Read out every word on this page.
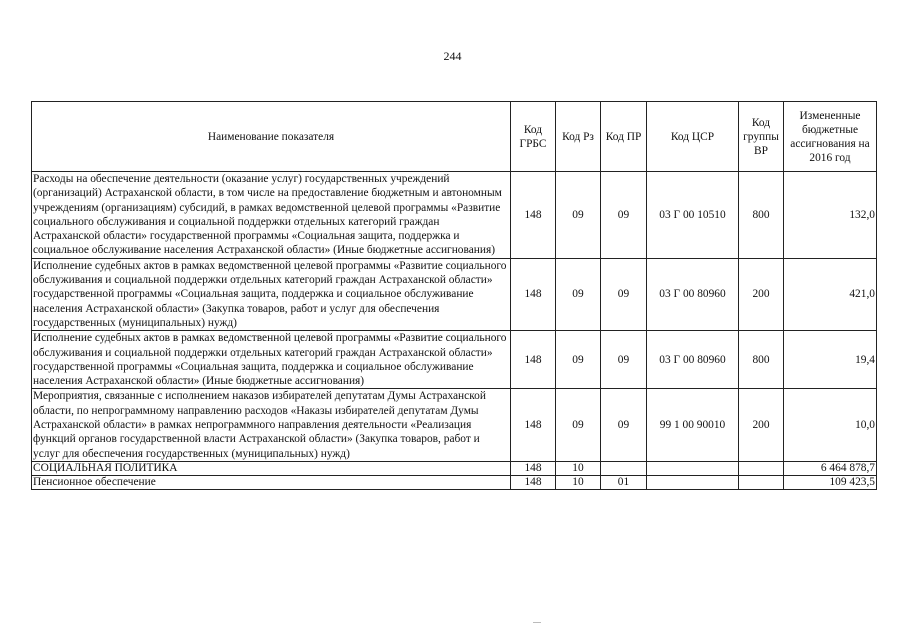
244
Наименование показателя	Код ГРБС	Код Рз	Код ПР	Код ЦСР	Код группы ВР	Измененные бюджетные ассигнования на 2016 год
Расходы на обеспечение деятельности (оказание услуг) государственных учреждений (организаций) Астраханской области, в том числе на предоставление бюджетным и автономным учреждениям (организациям) субсидий, в рамках ведомственной целевой программы «Развитие социального обслуживания и социальной поддержки отдельных категорий граждан Астраханской области» государственной программы «Социальная защита, поддержка и социальное обслуживание населения Астраханской области» (Иные бюджетные ассигнования)	148	09	09	03 Г 00 10510	800	132,0
Исполнение судебных актов в рамках ведомственной целевой программы «Развитие социального обслуживания и социальной поддержки отдельных категорий граждан Астраханской области» государственной программы «Социальная защита, поддержка и социальное обслуживание населения Астраханской области» (Закупка товаров, работ и услуг для обеспечения государственных (муниципальных) нужд)	148	09	09	03 Г 00 80960	200	421,0
Исполнение судебных актов в рамках ведомственной целевой программы «Развитие социального обслуживания и социальной поддержки отдельных категорий граждан Астраханской области» государственной программы «Социальная защита, поддержка и социальное обслуживание населения Астраханской области» (Иные бюджетные ассигнования)	148	09	09	03 Г 00 80960	800	19,4
Мероприятия, связанные с исполнением наказов избирателей депутатам Думы Астраханской области, по непрограммному направлению расходов «Наказы избирателей депутатам Думы Астраханской области» в рамках непрограммного направления деятельности «Реализация функций органов государственной власти Астраханской области» (Закупка товаров, работ и услуг для обеспечения государственных (муниципальных) нужд)	148	09	09	99 1 00 90010	200	10,0
СОЦИАЛЬНАЯ ПОЛИТИКА	148	10				6 464 878,7
Пенсионное обеспечение	148	10	01			109 423,5
